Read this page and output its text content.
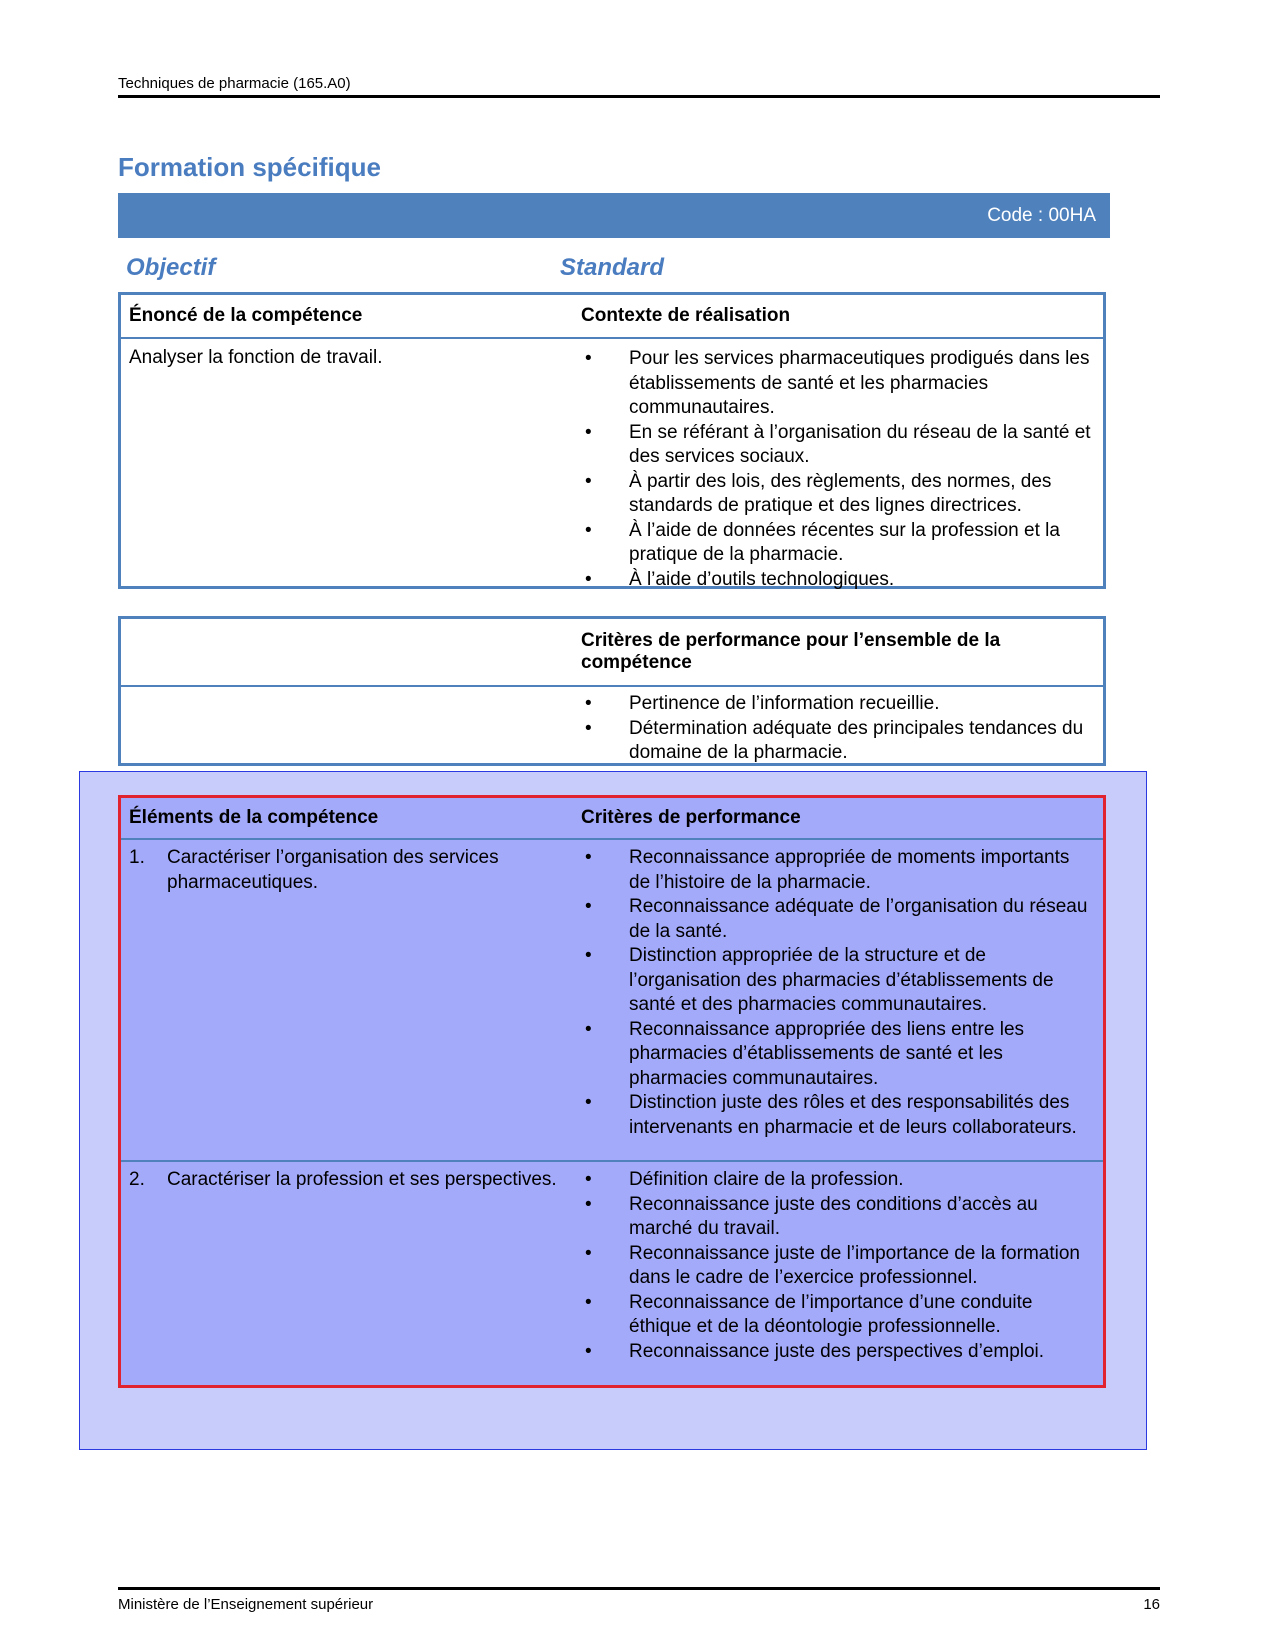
Techniques de pharmacie (165.A0)
Formation spécifique
Code : 00HA
Objectif	Standard
Énoncé de la compétence	Contexte de réalisation
Analyser la fonction de travail.	• Pour les services pharmaceutiques prodigués dans les établissements de santé et les pharmacies communautaires.
• En se référant à l’organisation du réseau de la santé et des services sociaux.
• À partir des lois, des règlements, des normes, des standards de pratique et des lignes directrices.
• À l’aide de données récentes sur la profession et la pratique de la pharmacie.
• À l’aide d’outils technologiques.
Critères de performance pour l’ensemble de la compétence
• Pertinence de l’information recueillie.
• Détermination adéquate des principales tendances du domaine de la pharmacie.
Éléments de la compétence	Critères de performance
1. Caractériser l’organisation des services pharmaceutiques.
• Reconnaissance appropriée de moments importants de l’histoire de la pharmacie.
• Reconnaissance adéquate de l’organisation du réseau de la santé.
• Distinction appropriée de la structure et de l’organisation des pharmacies d’établissements de santé et des pharmacies communautaires.
• Reconnaissance appropriée des liens entre les pharmacies d’établissements de santé et les pharmacies communautaires.
• Distinction juste des rôles et des responsabilités des intervenants en pharmacie et de leurs collaborateurs.
2. Caractériser la profession et ses perspectives.	• Définition claire de la profession.
• Reconnaissance juste des conditions d’accès au marché du travail.
• Reconnaissance juste de l’importance de la formation dans le cadre de l’exercice professionnel.
• Reconnaissance de l’importance d’une conduite éthique et de la déontologie professionnelle.
• Reconnaissance juste des perspectives d’emploi.
Ministère de l’Enseignement supérieur	16
